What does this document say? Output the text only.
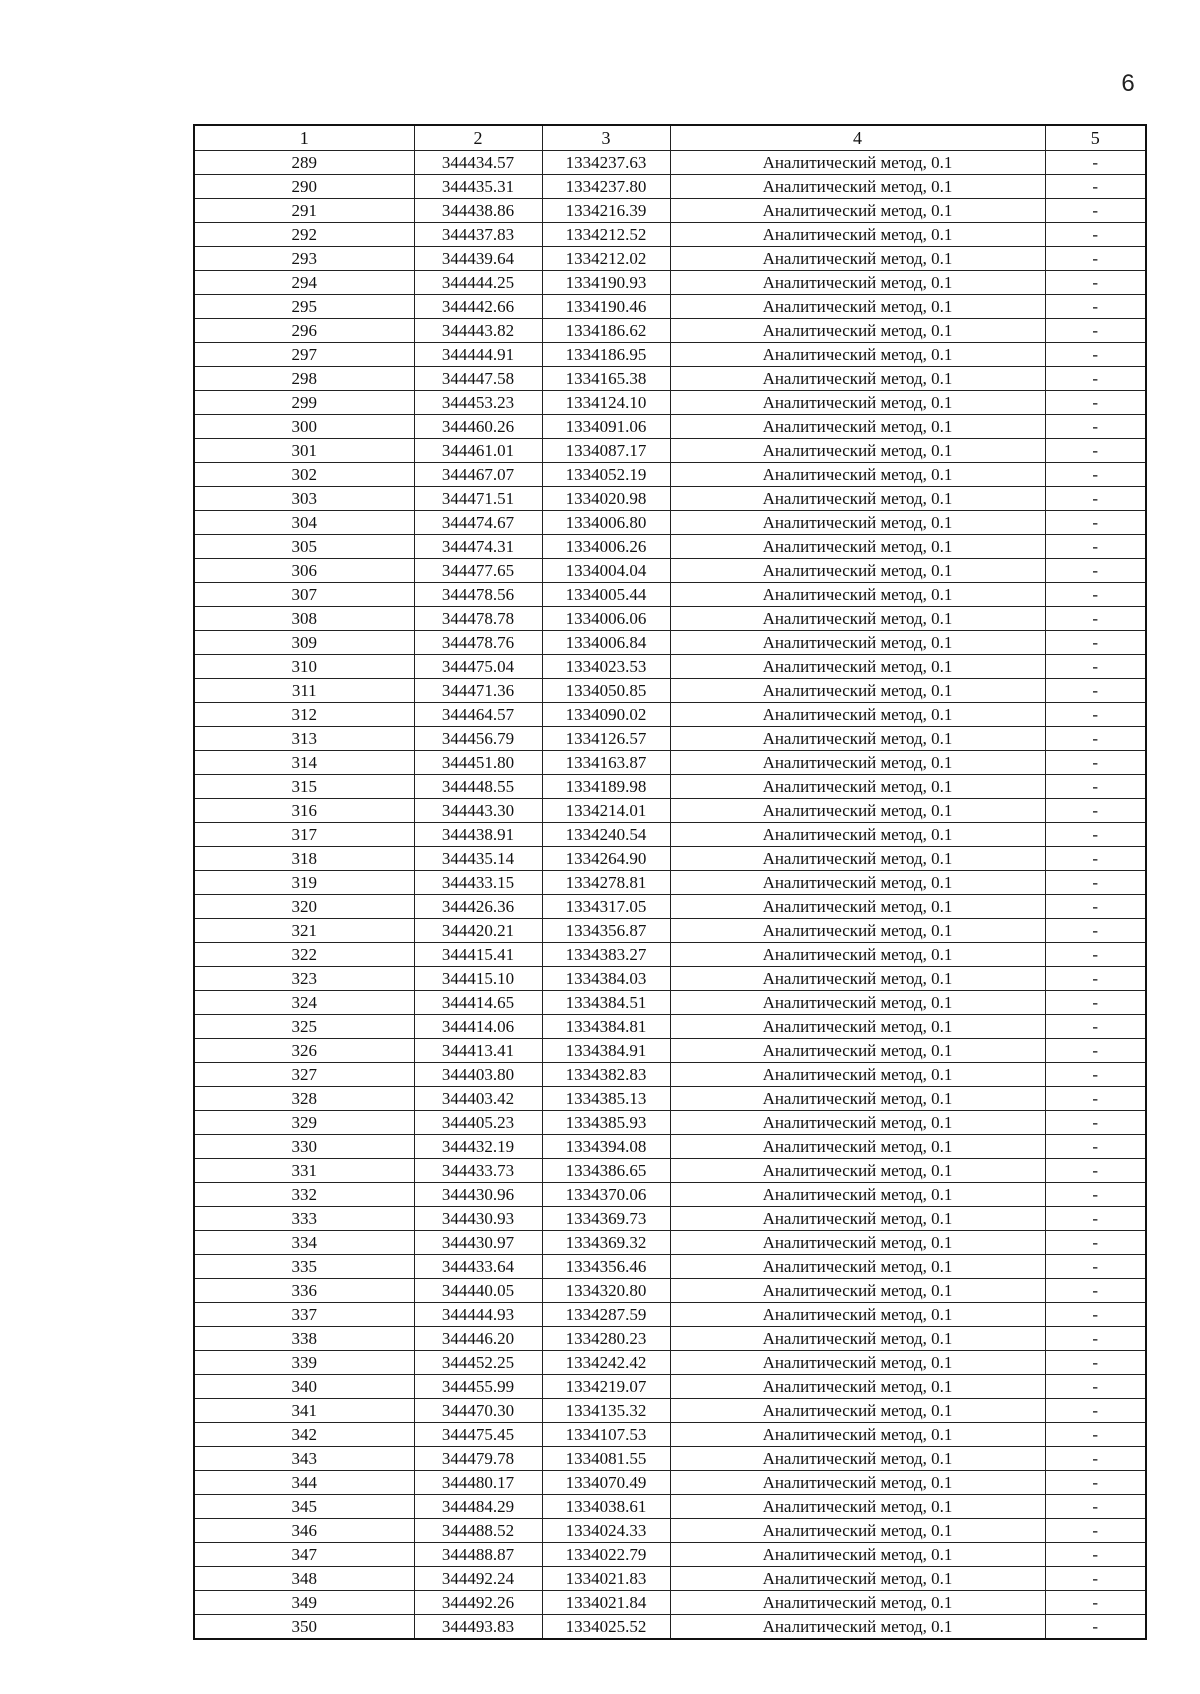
6
1	2	3	4	5
289	344434.57	1334237.63	Аналитический метод, 0.1	-
290	344435.31	1334237.80	Аналитический метод, 0.1	-
291	344438.86	1334216.39	Аналитический метод, 0.1	-
292	344437.83	1334212.52	Аналитический метод, 0.1	-
293	344439.64	1334212.02	Аналитический метод, 0.1	-
294	344444.25	1334190.93	Аналитический метод, 0.1	-
295	344442.66	1334190.46	Аналитический метод, 0.1	-
296	344443.82	1334186.62	Аналитический метод, 0.1	-
297	344444.91	1334186.95	Аналитический метод, 0.1	-
298	344447.58	1334165.38	Аналитический метод, 0.1	-
299	344453.23	1334124.10	Аналитический метод, 0.1	-
300	344460.26	1334091.06	Аналитический метод, 0.1	-
301	344461.01	1334087.17	Аналитический метод, 0.1	-
302	344467.07	1334052.19	Аналитический метод, 0.1	-
303	344471.51	1334020.98	Аналитический метод, 0.1	-
304	344474.67	1334006.80	Аналитический метод, 0.1	-
305	344474.31	1334006.26	Аналитический метод, 0.1	-
306	344477.65	1334004.04	Аналитический метод, 0.1	-
307	344478.56	1334005.44	Аналитический метод, 0.1	-
308	344478.78	1334006.06	Аналитический метод, 0.1	-
309	344478.76	1334006.84	Аналитический метод, 0.1	-
310	344475.04	1334023.53	Аналитический метод, 0.1	-
311	344471.36	1334050.85	Аналитический метод, 0.1	-
312	344464.57	1334090.02	Аналитический метод, 0.1	-
313	344456.79	1334126.57	Аналитический метод, 0.1	-
314	344451.80	1334163.87	Аналитический метод, 0.1	-
315	344448.55	1334189.98	Аналитический метод, 0.1	-
316	344443.30	1334214.01	Аналитический метод, 0.1	-
317	344438.91	1334240.54	Аналитический метод, 0.1	-
318	344435.14	1334264.90	Аналитический метод, 0.1	-
319	344433.15	1334278.81	Аналитический метод, 0.1	-
320	344426.36	1334317.05	Аналитический метод, 0.1	-
321	344420.21	1334356.87	Аналитический метод, 0.1	-
322	344415.41	1334383.27	Аналитический метод, 0.1	-
323	344415.10	1334384.03	Аналитический метод, 0.1	-
324	344414.65	1334384.51	Аналитический метод, 0.1	-
325	344414.06	1334384.81	Аналитический метод, 0.1	-
326	344413.41	1334384.91	Аналитический метод, 0.1	-
327	344403.80	1334382.83	Аналитический метод, 0.1	-
328	344403.42	1334385.13	Аналитический метод, 0.1	-
329	344405.23	1334385.93	Аналитический метод, 0.1	-
330	344432.19	1334394.08	Аналитический метод, 0.1	-
331	344433.73	1334386.65	Аналитический метод, 0.1	-
332	344430.96	1334370.06	Аналитический метод, 0.1	-
333	344430.93	1334369.73	Аналитический метод, 0.1	-
334	344430.97	1334369.32	Аналитический метод, 0.1	-
335	344433.64	1334356.46	Аналитический метод, 0.1	-
336	344440.05	1334320.80	Аналитический метод, 0.1	-
337	344444.93	1334287.59	Аналитический метод, 0.1	-
338	344446.20	1334280.23	Аналитический метод, 0.1	-
339	344452.25	1334242.42	Аналитический метод, 0.1	-
340	344455.99	1334219.07	Аналитический метод, 0.1	-
341	344470.30	1334135.32	Аналитический метод, 0.1	-
342	344475.45	1334107.53	Аналитический метод, 0.1	-
343	344479.78	1334081.55	Аналитический метод, 0.1	-
344	344480.17	1334070.49	Аналитический метод, 0.1	-
345	344484.29	1334038.61	Аналитический метод, 0.1	-
346	344488.52	1334024.33	Аналитический метод, 0.1	-
347	344488.87	1334022.79	Аналитический метод, 0.1	-
348	344492.24	1334021.83	Аналитический метод, 0.1	-
349	344492.26	1334021.84	Аналитический метод, 0.1	-
350	344493.83	1334025.52	Аналитический метод, 0.1	-
